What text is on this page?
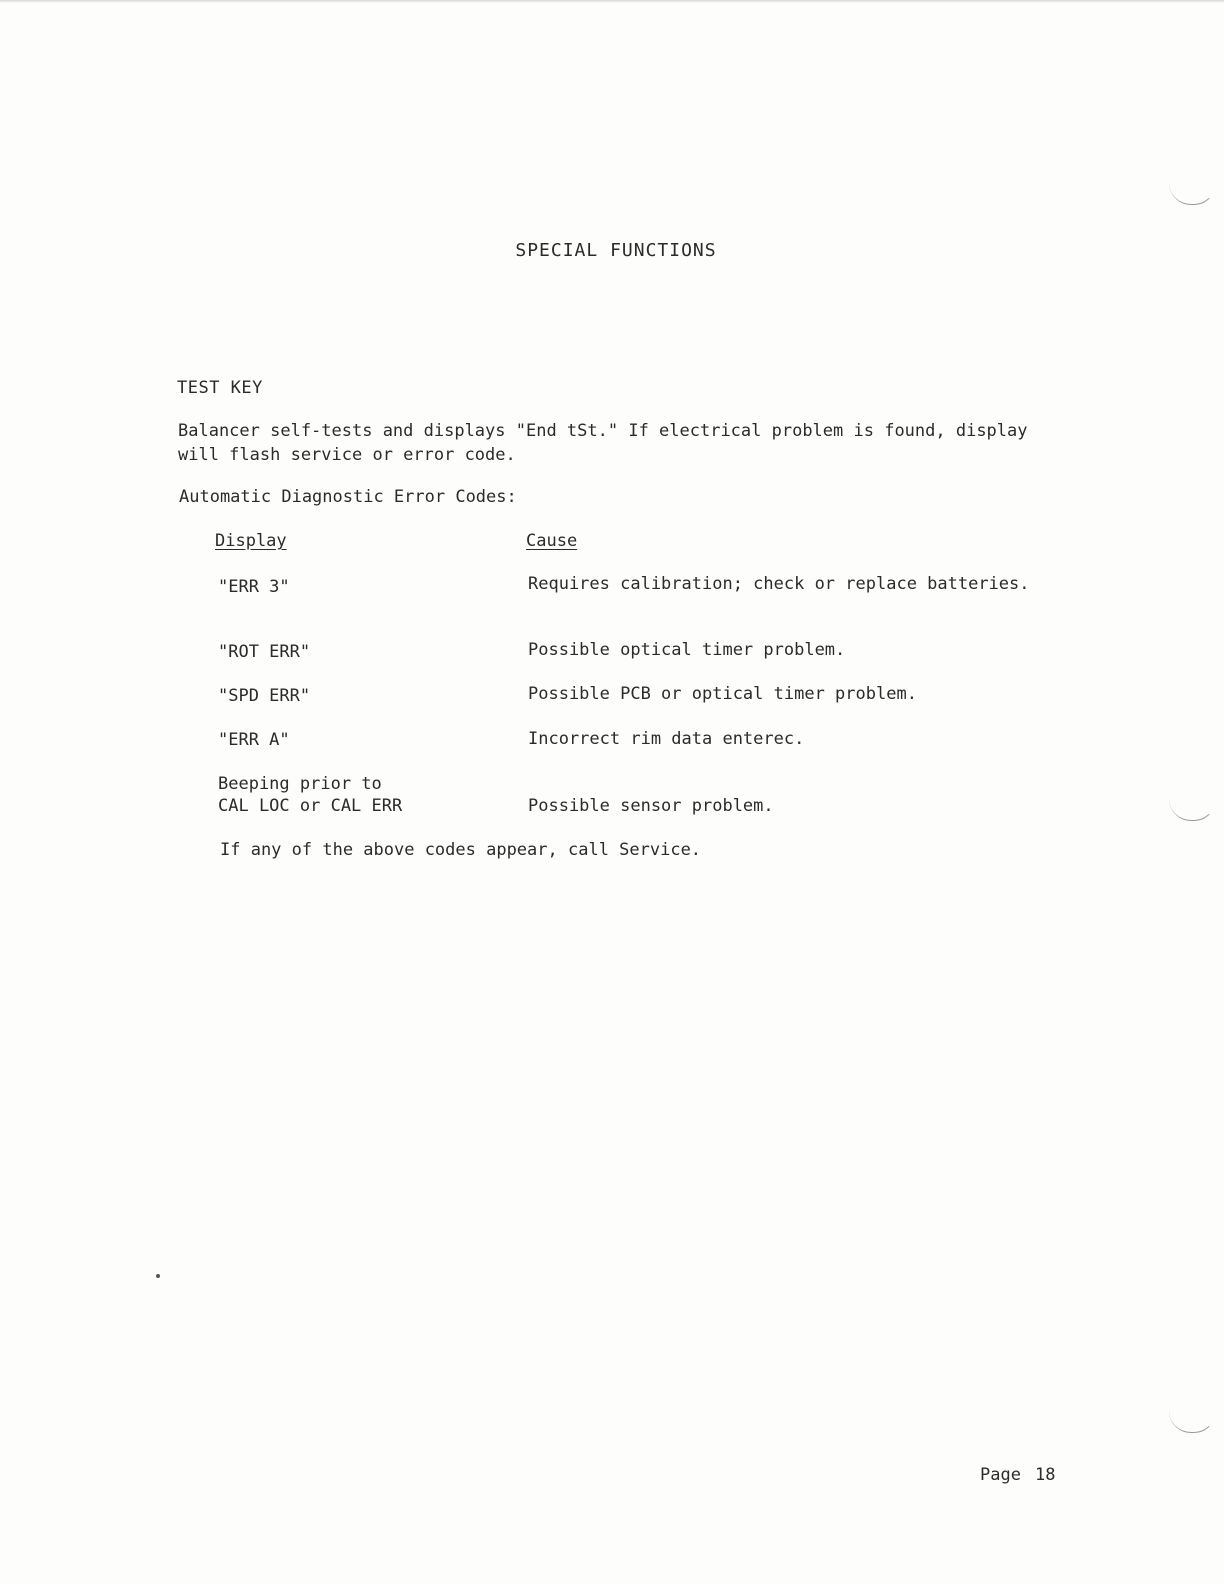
SPECIAL FUNCTIONS
TEST KEY
Balancer self-tests and displays "End tSt." If electrical problem is found, display will flash service or error code.
Automatic Diagnostic Error Codes:
Display	Cause
"ERR 3"	Requires calibration; check or replace batteries.
"ROT ERR"	Possible optical timer problem.
"SPD ERR"	Possible PCB or optical timer problem.
"ERR A"	Incorrect rim data enterec.
Beeping prior to
CAL LOC or CAL ERR	Possible sensor problem.
If any of the above codes appear, call Service.
Page 18
